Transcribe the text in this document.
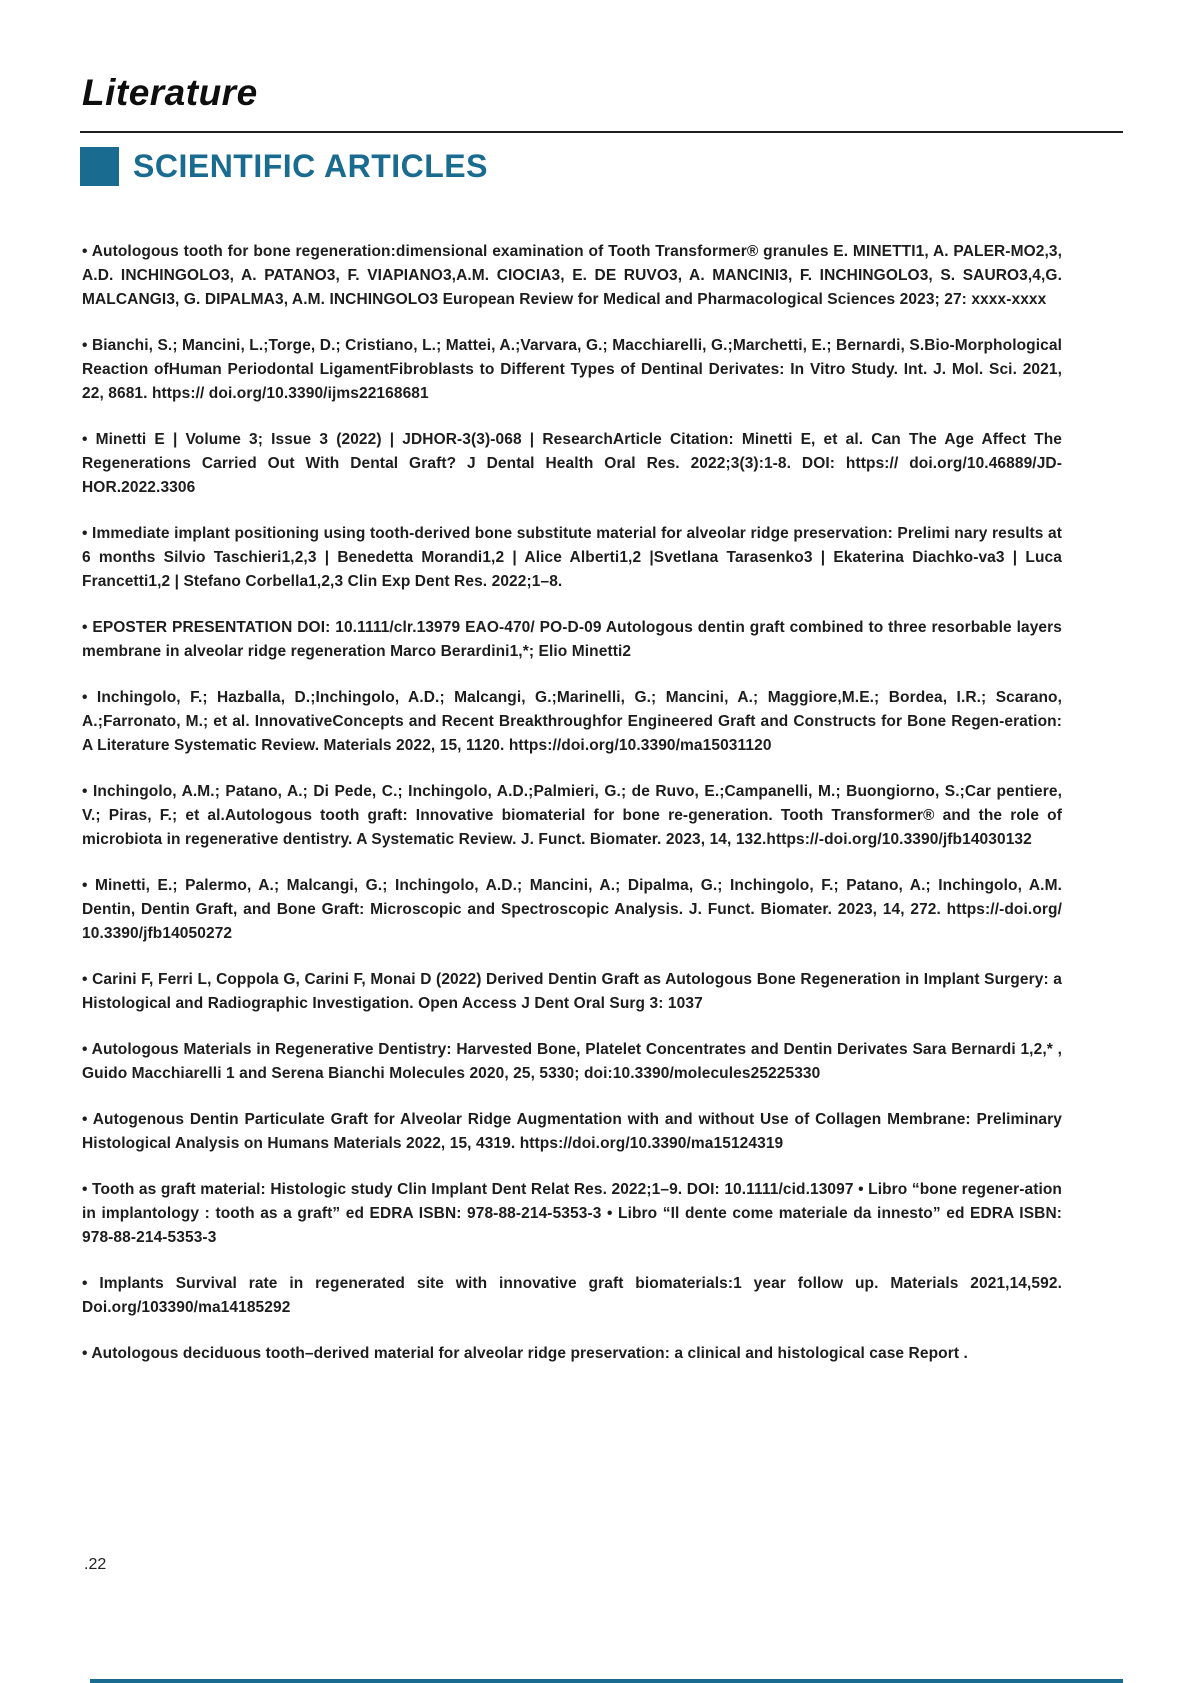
Literature
SCIENTIFIC ARTICLES

• Autologous tooth for bone regeneration:dimensional examination of Tooth Transformer® granules E. MINETTI1, A. PALER-MO2,3, A.D. INCHINGOLO3, A. PATANO3, F. VIAPIANO3,A.M. CIOCIA3, E. DE RUVO3, A. MANCINI3, F. INCHINGOLO3, S. SAURO3,4,G. MALCANGI3, G. DIPALMA3, A.M. INCHINGOLO3 European Review for Medical and Pharmacological Sciences 2023; 27: xxxx-xxxx

• Bianchi, S.; Mancini, L.;Torge, D.; Cristiano, L.; Mattei, A.;Varvara, G.; Macchiarelli, G.;Marchetti, E.; Bernardi, S.Bio-Morphological Reaction ofHuman Periodontal LigamentFibroblasts to Different Types of Dentinal Derivates: In Vitro Study. Int. J. Mol. Sci. 2021, 22, 8681. https:// doi.org/10.3390/ijms22168681

• Minetti E | Volume 3; Issue 3 (2022) | JDHOR-3(3)-068 | ResearchArticle Citation: Minetti E, et al. Can The Age Affect The Regenerations Carried Out With Dental Graft? J Dental Health Oral Res. 2022;3(3):1-8. DOI: https:// doi.org/10.46889/JD-HOR.2022.3306

• Immediate implant positioning using tooth-derived bone substitute material for alveolar ridge preservation: Prelimi nary results at 6 months Silvio Taschieri1,2,3 | Benedetta Morandi1,2 | Alice Alberti1,2 |Svetlana Tarasenko3 | Ekaterina Diachko-va3 | Luca Francetti1,2 | Stefano Corbella1,2,3 Clin Exp Dent Res. 2022;1–8.

• EPOSTER PRESENTATION DOI: 10.1111/clr.13979 EAO-470/ PO-D-09 Autologous dentin graft combined to three resorbable layers membrane in alveolar ridge regeneration Marco Berardini1,*; Elio Minetti2

• Inchingolo, F.; Hazballa, D.;Inchingolo, A.D.; Malcangi, G.;Marinelli, G.; Mancini, A.; Maggiore,M.E.; Bordea, I.R.; Scarano, A.;Farronato, M.; et al. InnovativeConcepts and Recent Breakthroughfor Engineered Graft and Constructs for Bone Regen-eration: A Literature Systematic Review. Materials 2022, 15, 1120. https://doi.org/10.3390/ma15031120

• Inchingolo, A.M.; Patano, A.; Di Pede, C.; Inchingolo, A.D.;Palmieri, G.; de Ruvo, E.;Campanelli, M.; Buongiorno, S.;Car pentiere, V.; Piras, F.; et al.Autologous tooth graft: Innovative biomaterial for bone re-generation. Tooth Transformer® and the role of microbiota in regenerative dentistry. A Systematic Review. J. Funct. Biomater. 2023, 14, 132.https://-doi.org/10.3390/jfb14030132

• Minetti, E.; Palermo, A.; Malcangi, G.; Inchingolo, A.D.; Mancini, A.; Dipalma, G.; Inchingolo, F.; Patano, A.; Inchingolo, A.M. Dentin, Dentin Graft, and Bone Graft: Microscopic and Spectroscopic Analysis. J. Funct. Biomater. 2023, 14, 272. https://-doi.org/ 10.3390/jfb14050272

• Carini F, Ferri L, Coppola G, Carini F, Monai D (2022) Derived Dentin Graft as Autologous Bone Regeneration in Implant Surgery: a Histological and Radiographic Investigation. Open Access J Dent Oral Surg 3: 1037

• Autologous Materials in Regenerative Dentistry: Harvested Bone, Platelet Concentrates and Dentin Derivates Sara Bernardi 1,2,* , Guido Macchiarelli 1 and Serena Bianchi Molecules 2020, 25, 5330; doi:10.3390/molecules25225330

• Autogenous Dentin Particulate Graft for Alveolar Ridge Augmentation with and without Use of Collagen Membrane: Preliminary Histological Analysis on Humans Materials 2022, 15, 4319. https://doi.org/10.3390/ma15124319

• Tooth as graft material: Histologic study Clin Implant Dent Relat Res. 2022;1–9. DOI: 10.1111/cid.13097 • Libro “bone regener-ation in implantology : tooth as a graft” ed EDRA ISBN: 978-88-214-5353-3 • Libro “Il dente come materiale da innesto” ed EDRA ISBN: 978-88-214-5353-3

• Implants Survival rate in regenerated site with innovative graft biomaterials:1 year follow up. Materials 2021,14,592. Doi.org/103390/ma14185292

• Autologous deciduous tooth–derived material for alveolar ridge preservation: a clinical and histological case Report .

.22
